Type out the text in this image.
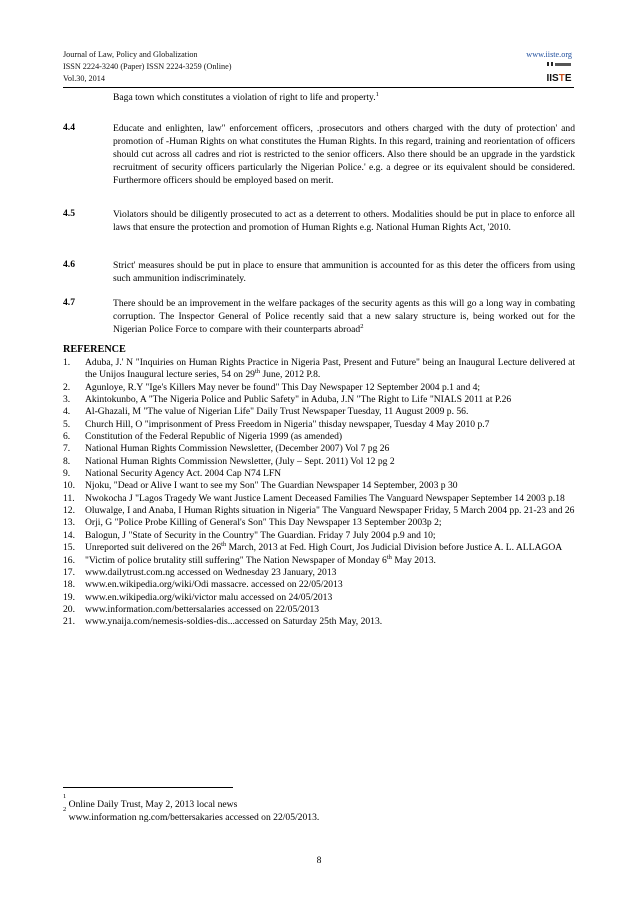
Journal of Law, Policy and Globalization
ISSN 2224-3240 (Paper) ISSN 2224-3259 (Online)
Vol.30, 2014
www.iiste.org
IISTE
Baga town which constitutes a violation of right to life and property.$^1$
4.4	Educate and enlighten, law" enforcement officers, .prosecutors and others charged with the duty of protection' and promotion of -Human Rights on what constitutes the Human Rights. In this regard, training and reorientation of officers should cut across all cadres and riot is restricted to the senior officers. Also there should be an upgrade in the yardstick recruitment of security officers particularly the Nigerian Police.' e.g. a degree or its equivalent should be considered. Furthermore officers should be employed based on merit.
4.5	Violators should be diligently prosecuted to act as a deterrent to others. Modalities should be put in place to enforce all laws that ensure the protection and promotion of Human Rights e.g. National Human Rights Act, '2010.
4.6	Strict' measures should be put in place to ensure that ammunition is accounted for as this deter the officers from using such ammunition indiscriminately.
4.7	There should be an improvement in the welfare packages of the security agents as this will go a long way in combating corruption. The Inspector General of Police recently said that a new salary structure is, being worked out for the Nigerian Police Force to compare with their counterparts abroad$^2$
REFERENCE
1. Aduba, J.' N "Inquiries on Human Rights Practice in Nigeria Past, Present and Future" being an Inaugural Lecture delivered at the Unijos Inaugural lecture series, 54 on 29th June, 2012 P.8.
2. Agunloye, R.Y "Ige's Killers May never be found" This Day Newspaper 12 September 2004 p.1 and 4;
3. Akintokunbo, A "The Nigeria Police and Public Safety" in Aduba, J.N "The Right to Life "NIALS 2011 at P.26
4. Al-Ghazali, M "The value of Nigerian Life" Daily Trust Newspaper Tuesday, 11 August 2009 p. 56.
5. Church Hill, O "imprisonment of Press Freedom in Nigeria" thisday newspaper, Tuesday 4 May 2010 p.7
6. Constitution of the Federal Republic of Nigeria 1999 (as amended)
7. National Human Rights Commission Newsletter, (December 2007) Vol 7 pg 26
8. National Human Rights Commission Newsletter, (July – Sept. 2011) Vol 12 pg 2
9. National Security Agency Act. 2004 Cap N74 LFN
10. Njoku, "Dead or Alive I want to see my Son" The Guardian Newspaper 14 September, 2003 p 30
11. Nwokocha J "Lagos Tragedy We want Justice Lament Deceased Families The Vanguard Newspaper September 14 2003 p.18
12. Oluwalge, I and Anaba, I Human Rights situation in Nigeria" The Vanguard Newspaper Friday, 5 March 2004 pp. 21-23 and 26
13. Orji, G "Police Probe Killing of General's Son" This Day Newspaper 13 September 2003p 2;
14. Balogun, J "State of Security in the Country" The Guardian. Friday 7 July 2004 p.9 and 10;
15. Unreported suit delivered on the 26th March, 2013 at Fed. High Court, Jos Judicial Division before Justice A. L. ALLAGOA
16. "Victim of police brutality still suffering" The Nation Newspaper of Monday 6th May 2013.
17. www.dailytrust.com.ng accessed on Wednesday 23 January, 2013
18. www.en.wikipedia.org/wiki/Odi massacre. accessed on 22/05/2013
19. www.en.wikipedia.org/wiki/victor malu accessed on 24/05/2013
20. www.information.com/bettersalaries accessed on 22/05/2013
21. www.ynaija.com/nemesis-soldies-dis...accessed on Saturday 25th May, 2013.
$^1$ Online Daily Trust, May 2, 2013 local news
$^2$ www.information ng.com/bettersakaries accessed on 22/05/2013.
8
